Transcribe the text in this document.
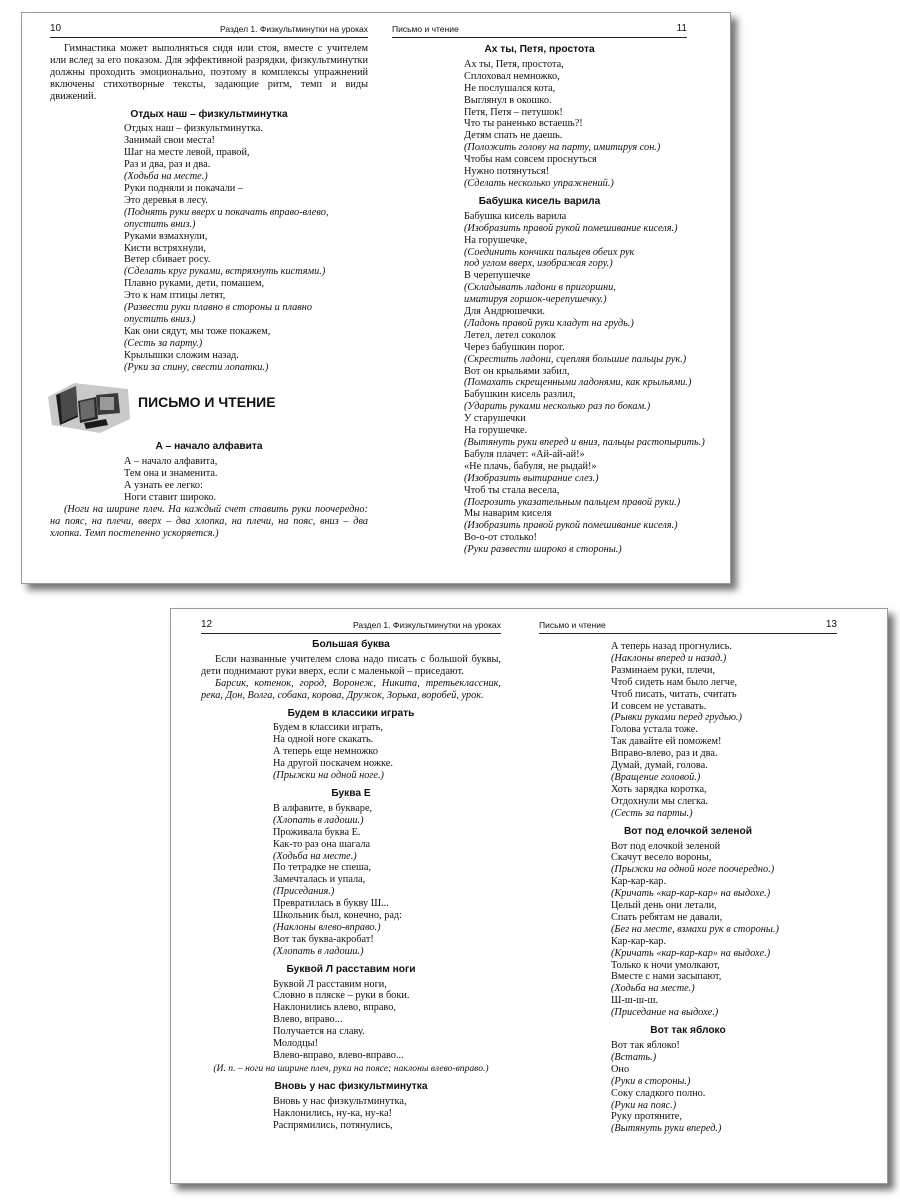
10	Раздел 1. Физкультминутки на уроках

Гимнастика может выполняться сидя или стоя, вместе с учителем или вслед за его показом. Для эффективной разрядки, физкультминутки должны проходить эмоционально, поэтому в комплексы упражнений включены стихотворные тексты, задающие ритм, темп и виды движений.

Отдых наш – физкультминутка
Отдых наш – физкультминутка.
Занимай свои места!
Шаг на месте левой, правой,
Раз и два, раз и два.
(Ходьба на месте.)
Руки подняли и покачали –
Это деревья в лесу.
(Поднять руки вверх и покачать вправо-влево,
опустить вниз.)
Руками взмахнули,
Кисти встряхнули,
Ветер сбивает росу.
(Сделать круг руками, встряхнуть кистями.)
Плавно руками, дети, помашем,
Это к нам птицы летят,
(Развести руки плавно в стороны и плавно
опустить вниз.)
Как они сядут, мы тоже покажем,
(Сесть за парту.)
Крылышки сложим назад.
(Руки за спину, свести лопатки.)
ПИСЬМО И ЧТЕНИЕ
А – начало алфавита
А – начало алфавита,
Тем она и знаменита.
А узнать ее легко:
Ноги ставит широко.

(Ноги на ширине плеч. На каждый счет ставить руки поочередно: на пояс, на плечи, вверх – два хлопка, на плечи, на пояс, вниз – два хлопка. Темп постепенно ускоряется.)

Письмо и чтение	11
Ах ты, Петя, простота
Ах ты, Петя, простота,
Сплоховал немножко,
Не послушался кота,
Выглянул в окошко.
Петя, Петя – петушок!
Что ты раненько встаешь?!
Детям спать не даешь.
(Положить голову на парту, имитируя сон.)
Чтобы нам совсем проснуться
Нужно потянуться!
(Сделать несколько упражнений.)
Бабушка кисель варила
Бабушка кисель варила
(Изобразить правой рукой помешивание киселя.)
На горушечке,
(Соединить кончики пальцев обеих рук
под углом вверх, изображая гору.)
В черепушечке
(Складывать ладони в пригоршни,
имитируя горшок-черепушечку.)
Для Андрюшечки.
(Ладонь правой руки кладут на грудь.)
Летел, летел соколок
Через бабушкин порог.
(Скрестить ладони, сцепляя большие пальцы рук.)
Вот он крыльями забил,
(Помахать скрещенными ладонями, как крыльями.)
Бабушкин кисель разлил,
(Ударить руками несколько раз по бокам.)
У старушечки
На горушечке.
(Вытянуть руки вперед и вниз, пальцы растопырить.)
Бабуля плачет: «Ай-ай-ай!»
«Не плачь, бабуля, не рыдай!»
(Изобразить вытирание слез.)
Чтоб ты стала весела,
(Погрозить указательным пальцем правой руки.)
Мы наварим киселя
(Изобразить правой рукой помешивание киселя.)
Во-о-от столько!
(Руки развести широко в стороны.)
12	Раздел 1. Физкультминутки на уроках
Большая буква

Если названные учителем слова надо писать с большой буквы, дети поднимают руки вверх, если с маленькой – приседают.

Барсик, котенок, город, Воронеж, Никита, третьеклассник, река, Дон, Волга, собака, корова, Дружок, Зорька, воробей, урок.

Будем в классики играть
Будем в классики играть,
На одной ноге скакать.
А теперь еще немножко
На другой поскачем ножке.
(Прыжки на одной ноге.)
Буква Е
В алфавите, в букваре,
(Хлопать в ладоши.)
Проживала буква Е.
Как-то раз она шагала
(Ходьба на месте.)
По тетрадке не спеша,
Замечталась и упала,
(Приседания.)
Превратилась в букву Ш...
Школьник был, конечно, рад:
(Наклоны влево-вправо.)
Вот так буква-акробат!
(Хлопать в ладоши.)
Буквой Л расставим ноги
Буквой Л расставим ноги,
Словно в пляске – руки в боки.
Наклонились влево, вправо,
Влево, вправо...
Получается на славу.
Молодцы!
Влево-вправо, влево-вправо...
(И. п. – ноги на ширине плеч, руки на поясе; наклоны влево-вправо.)
Вновь у нас физкультминутка
Вновь у нас физкультминутка,
Наклонились, ну-ка, ну-ка!
Распрямились, потянулись,
Письмо и чтение	13
А теперь назад прогнулись.
(Наклоны вперед и назад.)
Разминаем руки, плечи,
Чтоб сидеть нам было легче,
Чтоб писать, читать, считать
И совсем не уставать.
(Рывки руками перед грудью.)
Голова устала тоже.
Так давайте ей поможем!
Вправо-влево, раз и два.
Думай, думай, голова.
(Вращение головой.)
Хоть зарядка коротка,
Отдохнули мы слегка.
(Сесть за парты.)
Вот под елочкой зеленой
Вот под елочкой зеленой
Скачут весело вороны,
(Прыжки на одной ноге поочередно.)
Кар-кар-кар.
(Кричать «кар-кар-кар» на выдохе.)
Целый день они летали,
Спать ребятам не давали,
(Бег на месте, взмахи рук в стороны.)
Кар-кар-кар.
(Кричать «кар-кар-кар» на выдохе.)
Только к ночи умолкают,
Вместе с нами засыпают,
(Ходьба на месте.)
Ш-ш-ш-ш.
(Приседание на выдохе.)
Вот так яблоко
Вот так яблоко!
(Встать.)
Оно
(Руки в стороны.)
Соку сладкого полно.
(Руки на пояс.)
Руку протяните,
(Вытянуть руки вперед.)
